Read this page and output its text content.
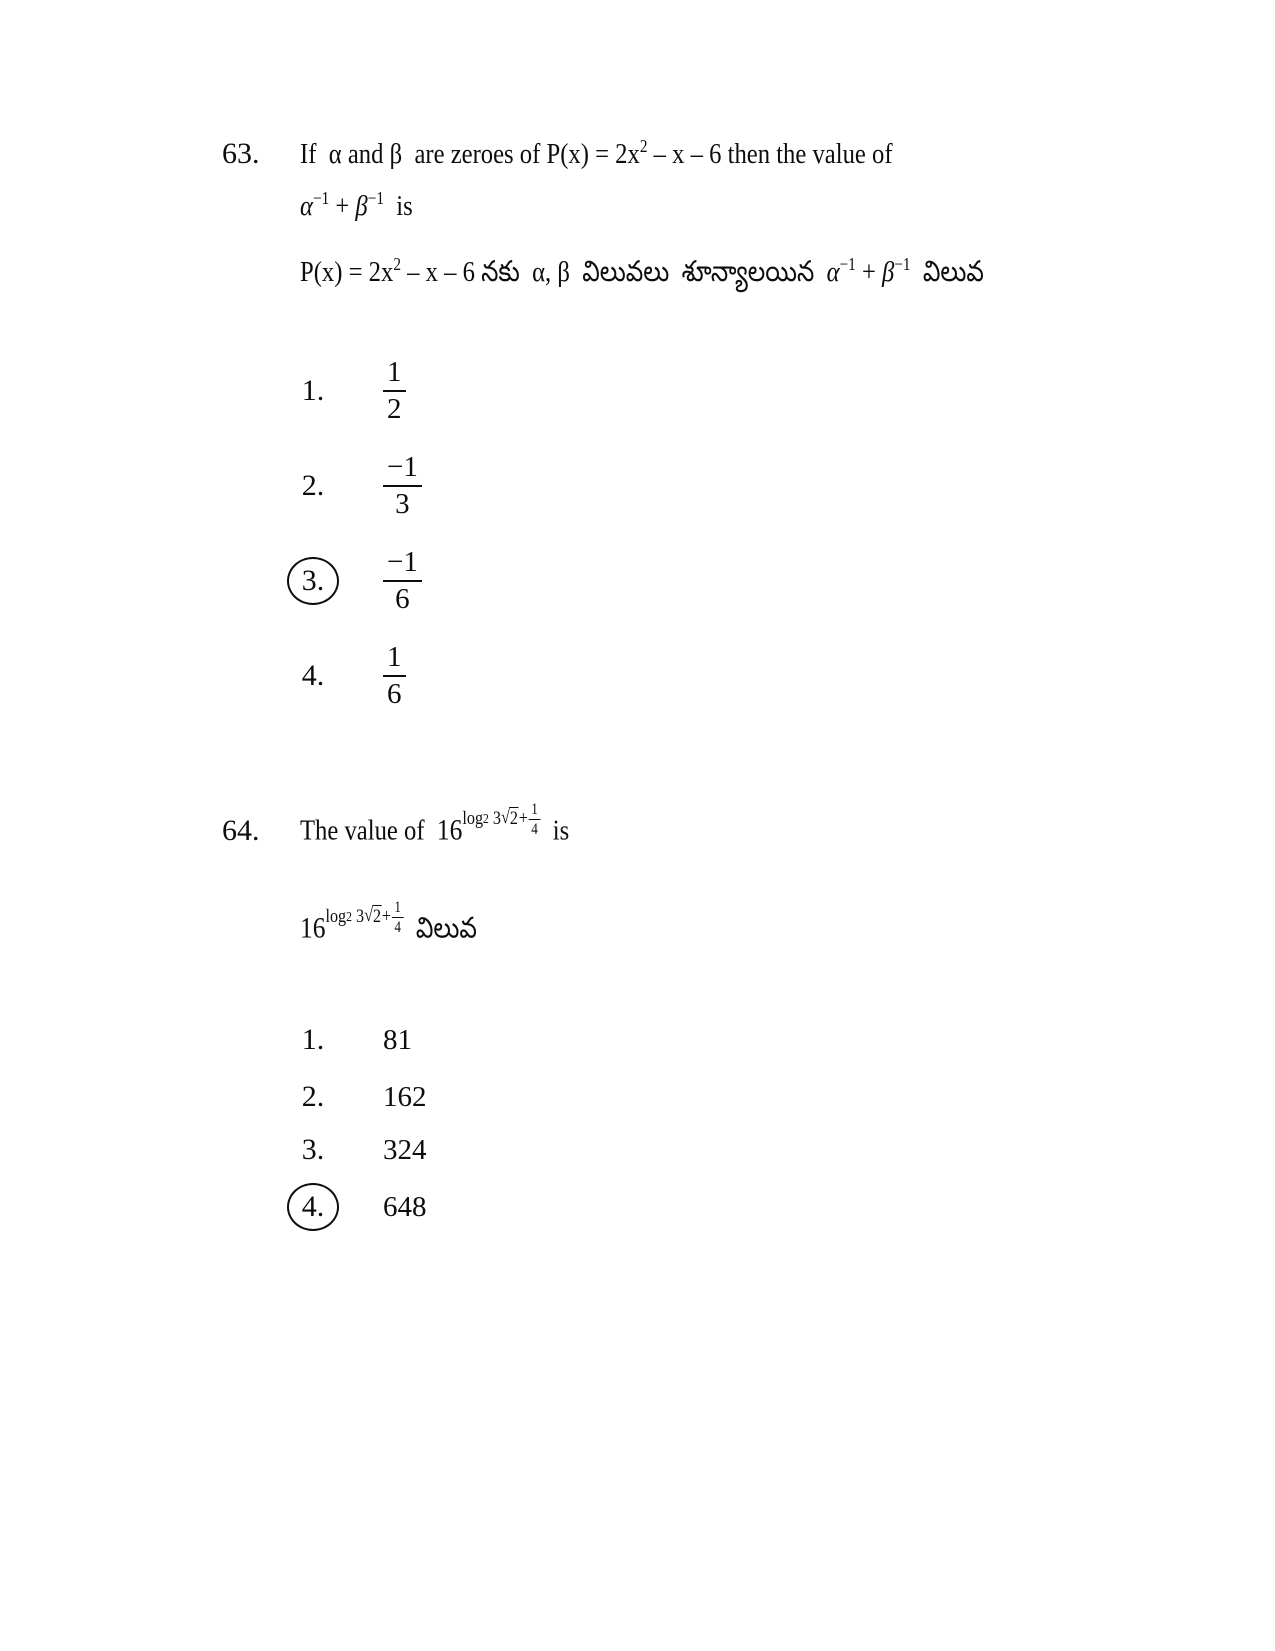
63.	If  α and β  are zeroes of P(x) = 2x2 – x – 6 then the value of
α−1 + β−1  is
P(x) = 2x2 – x – 6 నకు  α, β  విలువలు  శూన్యాలయిన  α−1 + β−1  విలువ
1. $\frac{1}{2}$
2. $\frac{-1}{3}$
3. $\frac{-1}{6}$
4. $\frac{1}{6}$
64.	The value of  16 log 2
3 √ $2 + \frac{1}{4}$ is
16 log 2
3 √ $2 + \frac{1}{4}$ విలువ
1. 81
2. 162
3. 324
4. 648
